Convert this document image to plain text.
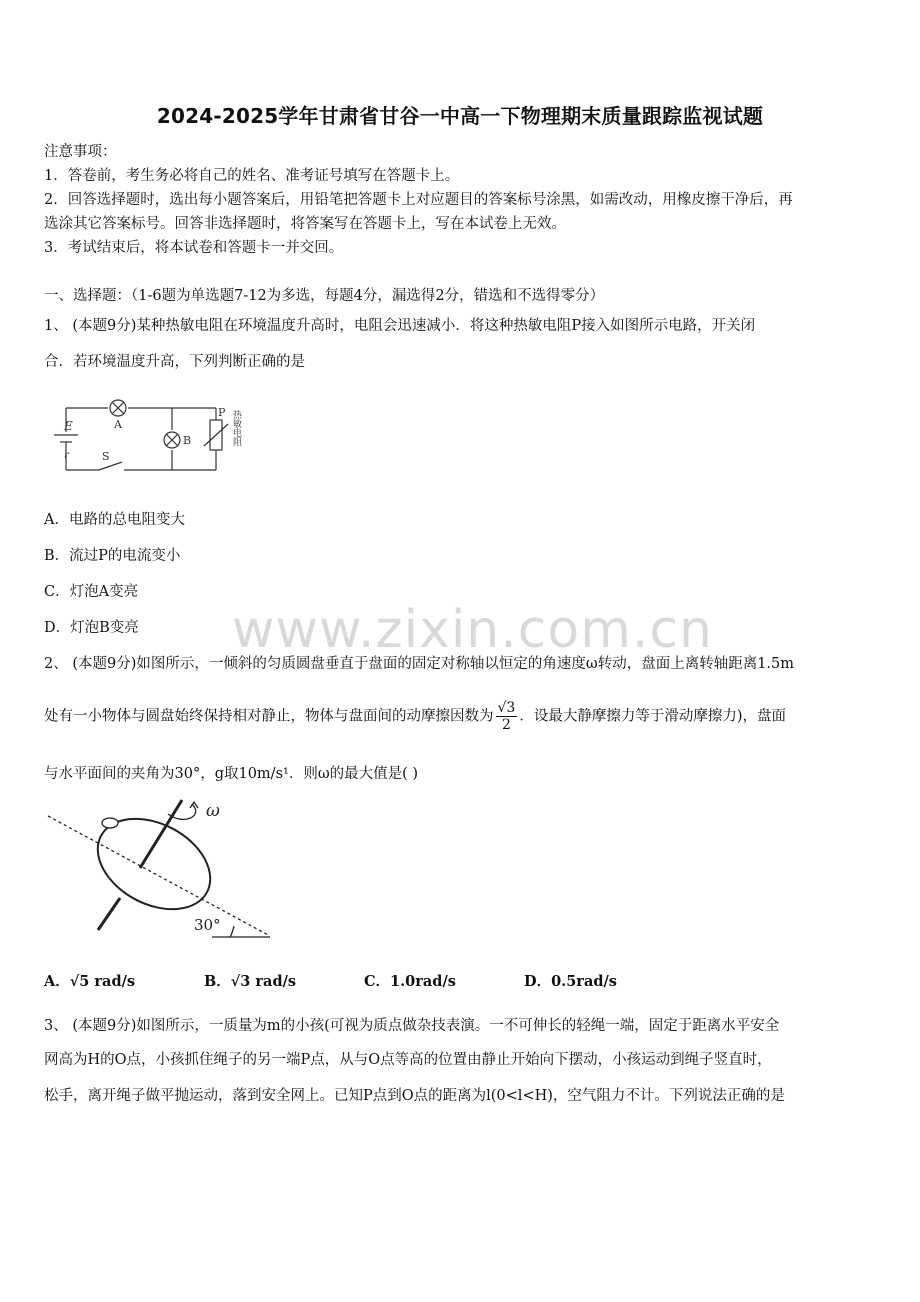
2024-2025学年甘肃省甘谷一中高一下物理期末质量跟踪监视试题
注意事项：
1．答卷前，考生务必将自己的姓名、准考证号填写在答题卡上。
2．回答选择题时，选出每小题答案后，用铅笔把答题卡上对应题目的答案标号涂黑，如需改动，用橡皮擦干净后，再
选涂其它答案标号。回答非选择题时，将答案写在答题卡上，写在本试卷上无效。
3．考试结束后，将本试卷和答题卡一并交回。
一、选择题：（1-6题为单选题7-12为多选，每题4分，漏选得2分，错选和不选得零分）
1、 (本题9分)某种热敏电阻在环境温度升高时，电阻会迅速减小．将这种热敏电阻P接入如图所示电路，开关闭
合．若环境温度升高，下列判断正确的是
A
B
E
r	S
P 热敏电阻
A．电路的总电阻变大
B．流过P的电流变小
C．灯泡A变亮
D．灯泡B变亮 www.zixin.com.cn
2、 (本题9分)如图所示，一倾斜的匀质圆盘垂直于盘面的固定对称轴以恒定的角速度ω转动，盘面上离转轴距离1.5m
处有一小物体与圆盘始终保持相对静止，物体与盘面间的动摩擦因数为 $\frac{√3}{2}$ ．设最大静摩擦力等于滑动摩擦力)，盘面
与水平面间的夹角为30°，g取10m/s¹．则ω的最大值是( )
ω
30°
A．√5 rad/s	B．√3 rad/s	C．1.0rad/s	D．0.5rad/s
3、 (本题9分)如图所示，一质量为m的小孩(可视为质点做杂技表演。一不可伸长的轻绳一端，固定于距离水平安全
网高为H的O点，小孩抓住绳子的另一端P点，从与O点等高的位置由静止开始向下摆动，小孩运动到绳子竖直时，
松手，离开绳子做平抛运动，落到安全网上。已知P点到O点的距离为l(0<l<H)，空气阻力不计。下列说法正确的是
